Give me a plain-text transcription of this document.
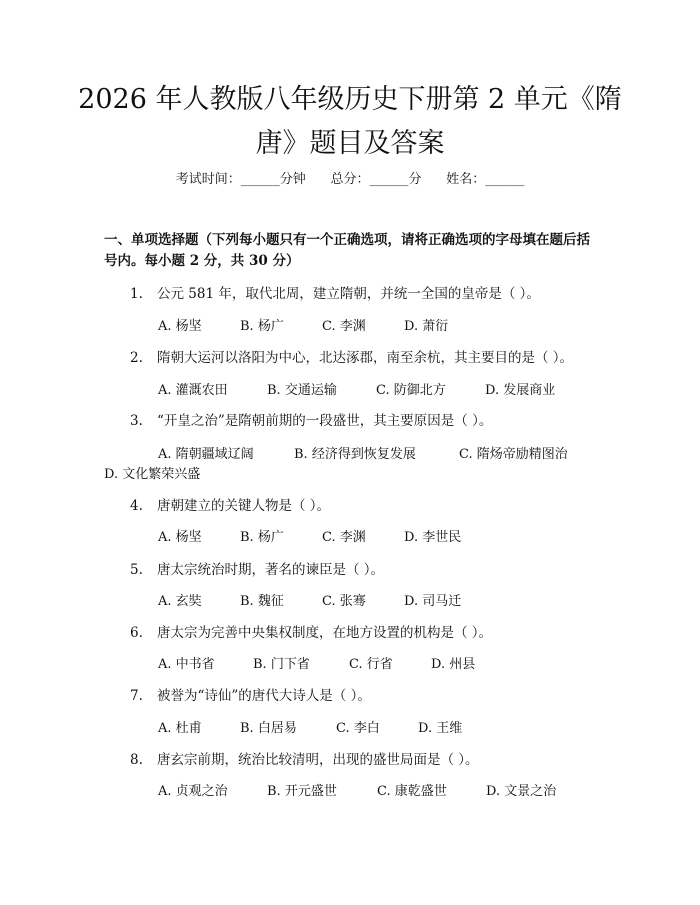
2026 年人教版八年级历史下册第 2 单元《隋
唐》题目及答案
考试时间：______分钟      总分：______分      姓名：______
一、单项选择题（下列每小题只有一个正确选项，请将正确选项的字母填在题后括号内。每小题 2 分，共 30 分）
1. 公元 581 年，取代北周，建立隋朝，并统一全国的皇帝是（ ）。
A. 杨坚	B. 杨广	C. 李渊	D. 萧衍
2. 隋朝大运河以洛阳为中心，北达涿郡，南至余杭，其主要目的是（ ）。
A. 灌溉农田	B. 交通运输	C. 防御北方	D. 发展商业
3. “开皇之治”是隋朝前期的一段盛世，其主要原因是（ ）。
A. 隋朝疆域辽阔	B. 经济得到恢复发展	C. 隋炀帝励精图治
D. 文化繁荣兴盛
4. 唐朝建立的关键人物是（ ）。
A. 杨坚	B. 杨广	C. 李渊	D. 李世民
5. 唐太宗统治时期，著名的谏臣是（ ）。
A. 玄奘	B. 魏征	C. 张骞	D. 司马迁
6. 唐太宗为完善中央集权制度，在地方设置的机构是（ ）。
A. 中书省	B. 门下省	C. 行省	D. 州县
7. 被誉为“诗仙”的唐代大诗人是（ ）。
A. 杜甫	B. 白居易	C. 李白	D. 王维
8. 唐玄宗前期，统治比较清明，出现的盛世局面是（ ）。
A. 贞观之治	B. 开元盛世	C. 康乾盛世	D. 文景之治
